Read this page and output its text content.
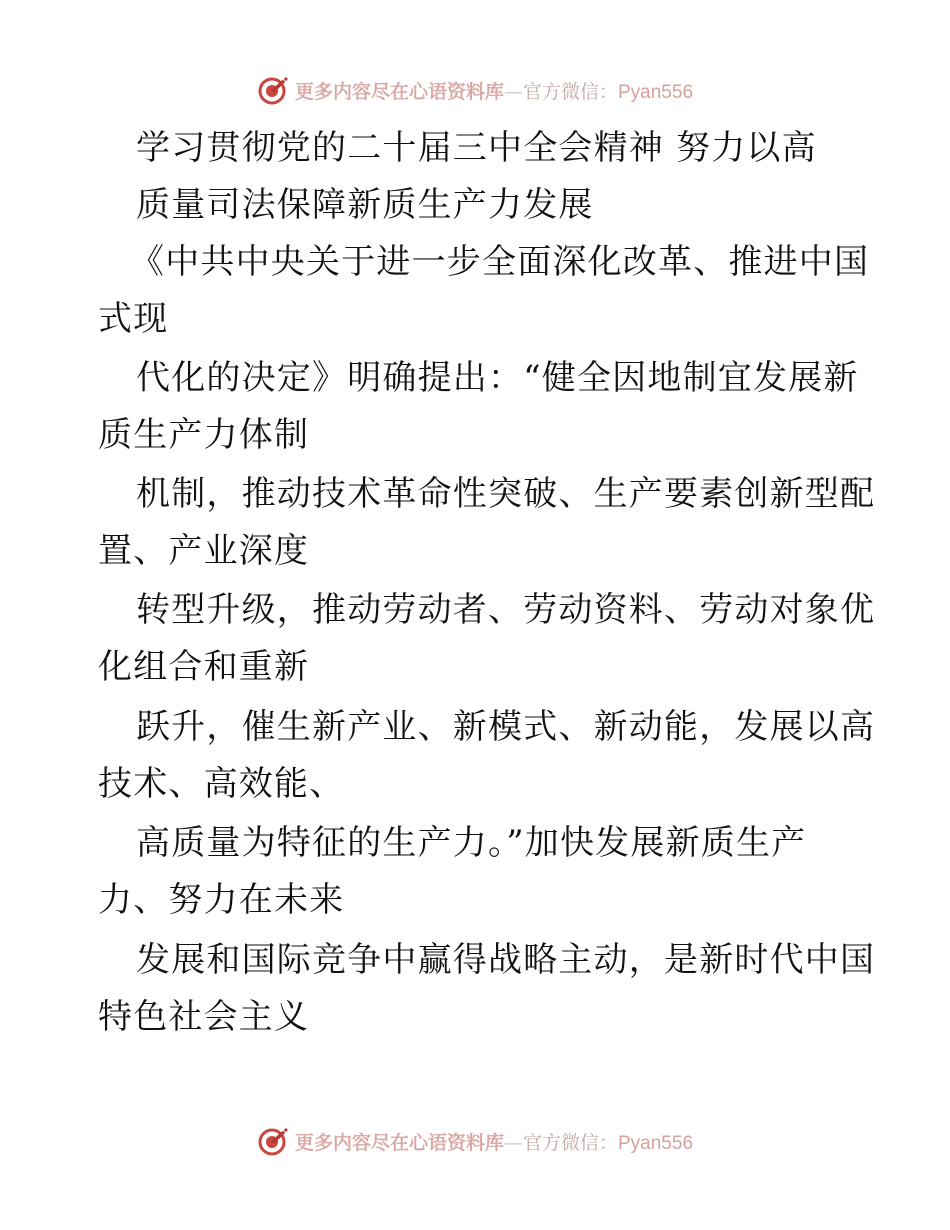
更多内容尽在心语资料库—官方微信：Pyan556
学习贯彻党的二十届三中全会精神 努力以高
质量司法保障新质生产力发展
《中共中央关于进一步全面深化改革、推进中国
式现
代化的决定》明确提出：“健全因地制宜发展新
质生产力体制
机制，推动技术革命性突破、生产要素创新型配
置、产业深度
转型升级，推动劳动者、劳动资料、劳动对象优
化组合和重新
跃升，催生新产业、新模式、新动能，发展以高
技术、高效能、
高质量为特征的生产力。”加快发展新质生产
力、努力在未来
发展和国际竞争中赢得战略主动，是新时代中国
特色社会主义
更多内容尽在心语资料库—官方微信：Pyan556
